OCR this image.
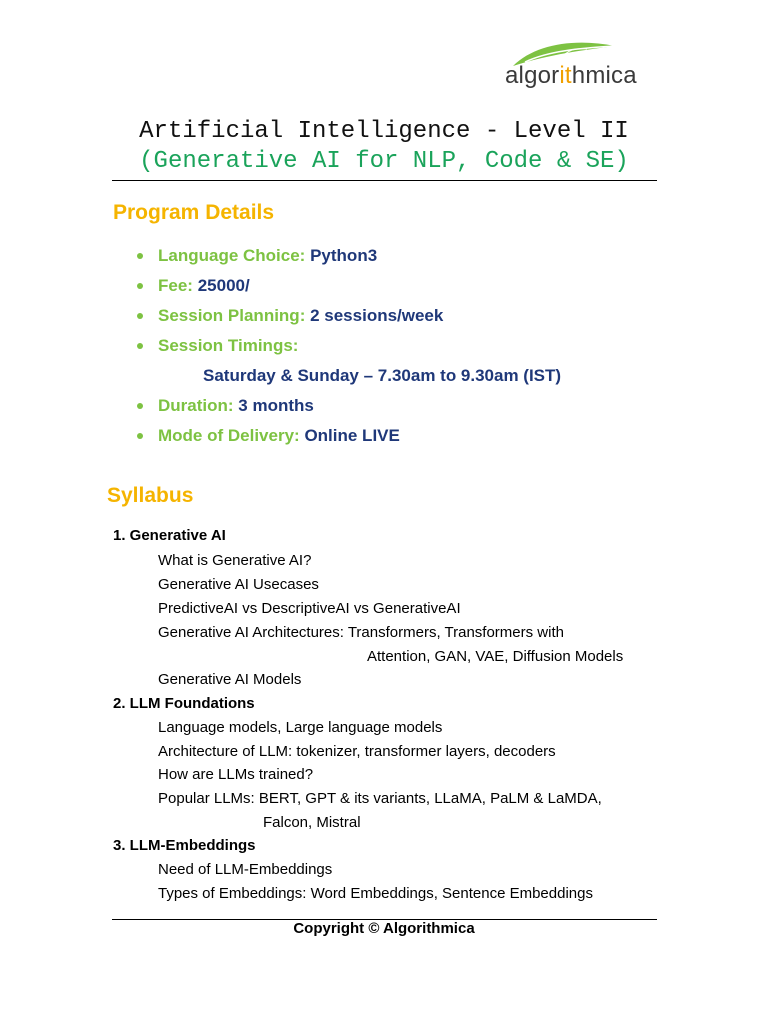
algorithmica
Artificial Intelligence - Level II
(Generative AI for NLP, Code & SE)
Program Details
Language Choice: Python3
Fee: 25000/
Session Planning: 2 sessions/week
Session Timings:
Saturday & Sunday – 7.30am to 9.30am (IST)
Duration: 3 months
Mode of Delivery: Online LIVE
Syllabus
1. Generative AI
What is Generative AI?
Generative AI Usecases
PredictiveAI vs DescriptiveAI vs GenerativeAI
Generative AI Architectures: Transformers, Transformers with
Attention, GAN, VAE, Diffusion Models
Generative AI Models
2. LLM Foundations
Language models, Large language models
Architecture of LLM: tokenizer, transformer layers, decoders
How are LLMs trained?
Popular LLMs: BERT, GPT & its variants, LLaMA, PaLM & LaMDA,
Falcon, Mistral
3. LLM-Embeddings
Need of LLM-Embeddings
Types of Embeddings: Word Embeddings, Sentence Embeddings
Copyright © Algorithmica
